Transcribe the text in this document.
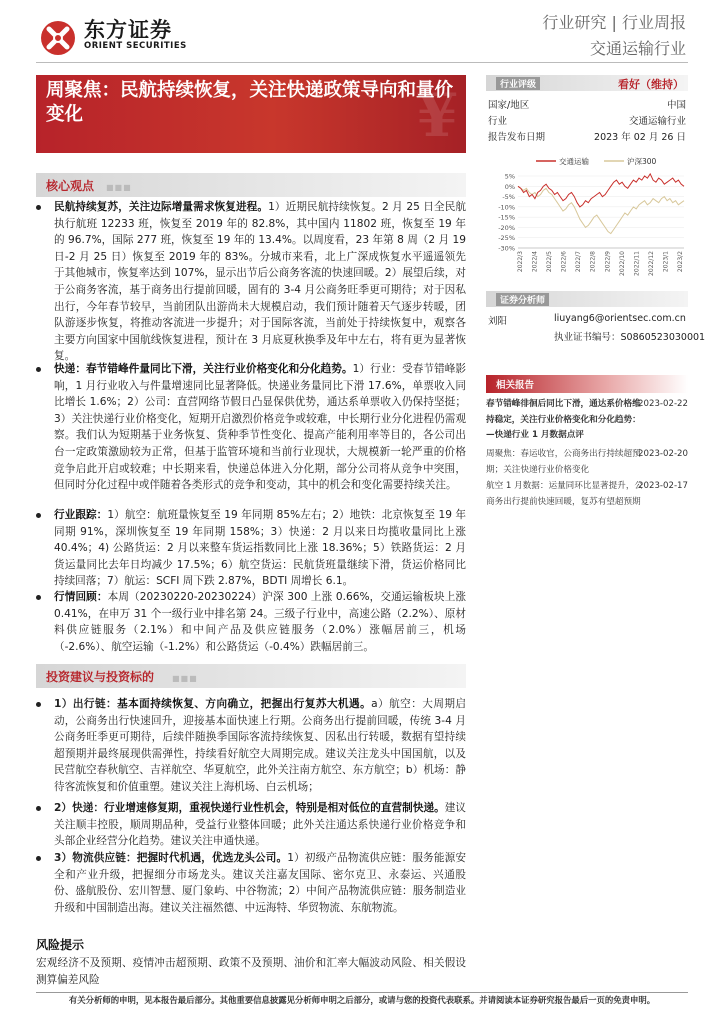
东方证券
ORIENT SECURITIES
行业研究 | 行业周报
交通运输行业
¥
周聚焦：民航持续恢复，关注快递政策导向和量价变化
核心观点 ■■■
民航持续复苏，关注边际增量需求恢复进程。1）近期民航持续恢复。2 月 25 日全民航执行航班 12233 班，恢复至 2019 年的 82.8%，其中国内 11802 班，恢复至 19 年的 96.7%，国际 277 班，恢复至 19 年的 13.4%。以周度看，23 年第 8 周（2 月 19 日-2 月 25 日）恢复至 2019 年的 83%。分城市来看，北上广深成恢复水平遥遥领先于其他城市，恢复率达到 107%，显示出节后公商务客流的快速回暖。2）展望后续，对于公商务客流，基于商务出行提前回暖，固有的 3-4 月公商务旺季更可期待；对于因私出行，今年春节较早，当前团队出游尚未大规模启动，我们预计随着天气逐步转暖，团队游逐步恢复，将推动客流进一步提升；对于国际客流，当前处于持续恢复中，观察各主要方向国家中国航线恢复进程，预计在 3 月底夏秋换季及年中左右，将有更为显著恢复。
快递：春节错峰件量同比下滑，关注行业价格变化和分化趋势。1）行业：受春节错峰影响，1 月行业收入与件量增速同比显著降低。快递业务量同比下滑 17.6%，单票收入同比增长 1.6%；2）公司：直营网络节假日凸显保供优势，通达系单票收入仍保持坚挺；3）关注快递行业价格变化，短期开启激烈价格竞争或较难，中长期行业分化进程仍需观察。我们认为短期基于业务恢复、货种季节性变化、提高产能利用率等目的，各公司出台一定政策激励较为正常，但基于监管环境和当前行业现状，大规模新一轮严重的价格竞争启此开启或较难；中长期来看，快递总体进入分化期，部分公司将从竞争中突围，但同时分化过程中或伴随着各类形式的竞争和变动，其中的机会和变化需要持续关注。
行业跟踪：1）航空：航班量恢复至 19 年同期 85%左右；2）地铁：北京恢复至 19 年同期 91%，深圳恢复至 19 年同期 158%；3）快递：2 月以来日均揽收量同比上涨 40.4%；4) 公路货运：2 月以来整车货运指数同比上涨 18.36%；5）铁路货运：2 月货运量同比去年日均减少 17.5%；6）航空货运：民航货班量继续下滑，货运价格同比持续回落；7）航运：SCFI 周下跌 2.87%，BDTI 周增长 6.1。
行情回顾：本周（20230220-20230224）沪深 300 上涨 0.66%，交通运输板块上涨 0.41%，在申万 31 个一级行业中排名第 24。三级子行业中，高速公路（2.2%）、原材料供应链服务（2.1%）和中间产品及供应链服务（2.0%）涨幅居前三，机场（-2.6%）、航空运输（-1.2%）和公路货运（-0.4%）跌幅居前三。
投资建议与投资标的 ■■■
1）出行链：基本面持续恢复、方向确立，把握出行复苏大机遇。a）航空：大周期启动，公商务出行快速回升，迎接基本面快速上行期。公商务出行提前回暖，传统 3-4 月公商务旺季更可期待，后续伴随换季国际客流持续恢复、因私出行转暖，数据有望持续超预期并最终展现供需弹性，持续看好航空大周期完成。建议关注龙头中国国航，以及民营航空春秋航空、吉祥航空、华夏航空，此外关注南方航空、东方航空；b）机场：静待客流恢复和价值重塑。建议关注上海机场、白云机场；
2）快递：行业增速修复期，重视快递行业性机会，特别是相对低位的直营制快递。建议关注顺丰控股，顺周期品种，受益行业整体回暖；此外关注通达系快递行业价格竞争和头部企业经营分化趋势。建议关注申通快递。
3）物流供应链：把握时代机遇，优选龙头公司。1）初级产品物流供应链：服务能源安全和产业升级，把握细分市场龙头。建议关注嘉友国际、密尔克卫、永泰运、兴通股份、盛航股份、宏川智慧、厦门象屿、中谷物流；2）中间产品物流供应链：服务制造业升级和中国制造出海。建议关注福然德、中远海特、华贸物流、东航物流。
风险提示
宏观经济不及预期、疫情冲击超预期、政策不及预期、油价和汇率大幅波动风险、相关假设测算偏差风险
行业评级	看好（维持）
国家/地区	中国
行业	交通运输行业
报告发布日期	2023 年 02 月 26 日
交通运输	沪深300
5%
0%
-5%
-10%
-15%
-20%
-25%
-30%
2022/3 2022/4 2022/5 2022/6 2022/7 2022/8 2022/9 2022/10 2022/11 2022/12 2023/1 2023/2
证券分析师
刘阳	liuyang6@orientsec.com.cn
执业证书编号：S0860523030001
相关报告
春节错峰徘徊后同比下滑，通达系价格维持稳定，关注行业价格变化和分化趋势：—快递行业 1 月数据点评
2023-02-22
周聚焦：春运收官，公商务出行持续超预期；关注快递行业价格变化
2023-02-20
航空 1 月数据：运量同环比显著提升，公商务出行提前快速回暖，复苏有望超预期
2023-02-17
有关分析师的申明，见本报告最后部分。其他重要信息披露见分析师申明之后部分，或请与您的投资代表联系。并请阅读本证券研究报告最后一页的免责申明。
